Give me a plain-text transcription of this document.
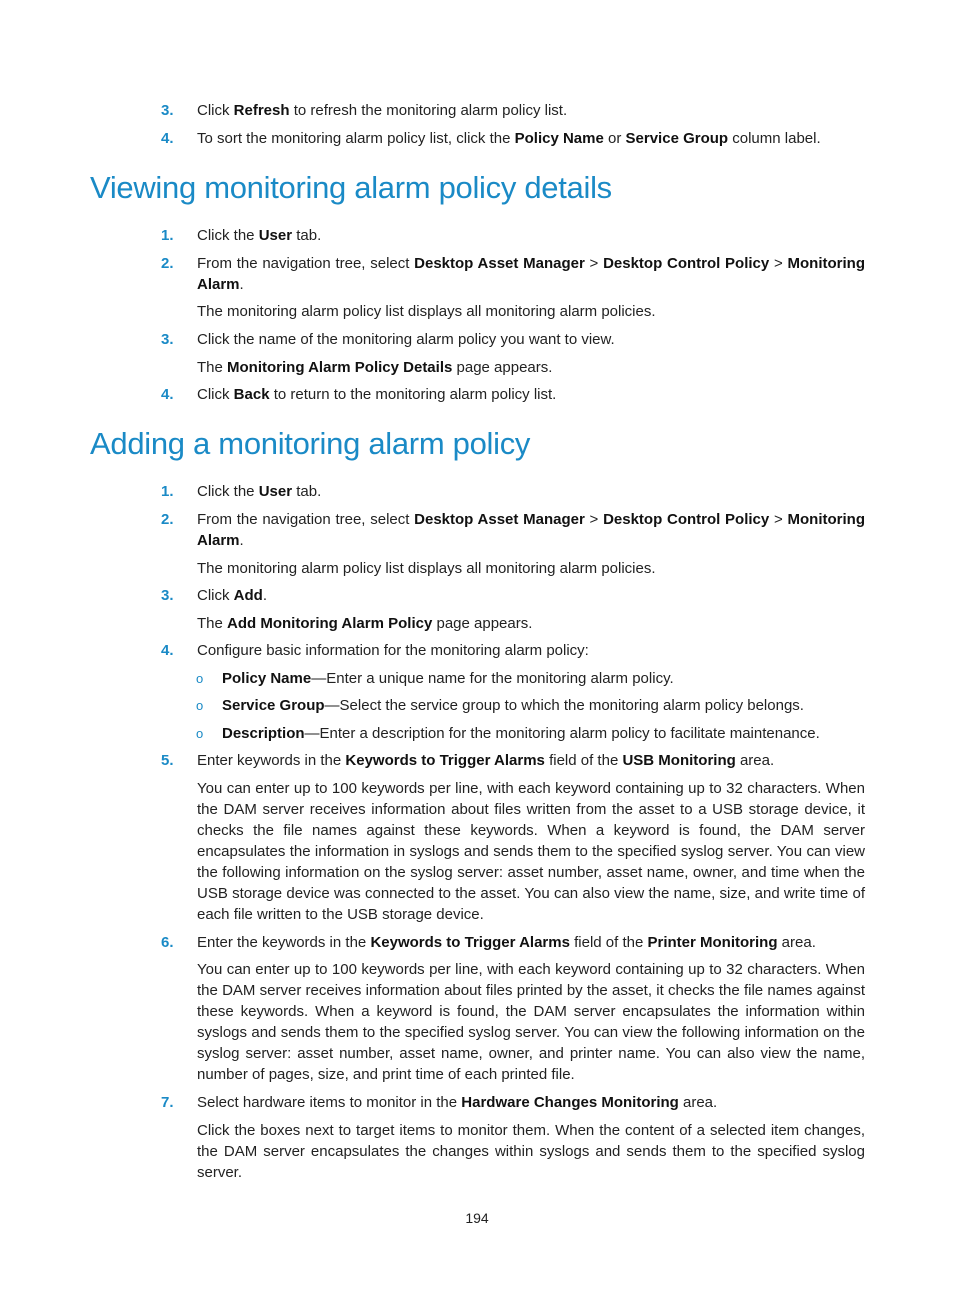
3. Click Refresh to refresh the monitoring alarm policy list.
4. To sort the monitoring alarm policy list, click the Policy Name or Service Group column label.
Viewing monitoring alarm policy details
1. Click the User tab.
2. From the navigation tree, select Desktop Asset Manager > Desktop Control Policy > Monitoring Alarm.
The monitoring alarm policy list displays all monitoring alarm policies.
3. Click the name of the monitoring alarm policy you want to view.
The Monitoring Alarm Policy Details page appears.
4. Click Back to return to the monitoring alarm policy list.
Adding a monitoring alarm policy
1. Click the User tab.
2. From the navigation tree, select Desktop Asset Manager > Desktop Control Policy > Monitoring Alarm.
The monitoring alarm policy list displays all monitoring alarm policies.
3. Click Add.
The Add Monitoring Alarm Policy page appears.
4. Configure basic information for the monitoring alarm policy:
o Policy Name—Enter a unique name for the monitoring alarm policy.
o Service Group—Select the service group to which the monitoring alarm policy belongs.
o Description—Enter a description for the monitoring alarm policy to facilitate maintenance.
5. Enter keywords in the Keywords to Trigger Alarms field of the USB Monitoring area.
You can enter up to 100 keywords per line, with each keyword containing up to 32 characters. When the DAM server receives information about files written from the asset to a USB storage device, it checks the file names against these keywords. When a keyword is found, the DAM server encapsulates the information in syslogs and sends them to the specified syslog server. You can view the following information on the syslog server: asset number, asset name, owner, and time when the USB storage device was connected to the asset. You can also view the name, size, and write time of each file written to the USB storage device.
6. Enter the keywords in the Keywords to Trigger Alarms field of the Printer Monitoring area.
You can enter up to 100 keywords per line, with each keyword containing up to 32 characters. When the DAM server receives information about files printed by the asset, it checks the file names against these keywords. When a keyword is found, the DAM server encapsulates the information within syslogs and sends them to the specified syslog server. You can view the following information on the syslog server: asset number, asset name, owner, and printer name. You can also view the name, number of pages, size, and print time of each printed file.
7. Select hardware items to monitor in the Hardware Changes Monitoring area.
Click the boxes next to target items to monitor them. When the content of a selected item changes, the DAM server encapsulates the changes within syslogs and sends them to the specified syslog server.
194
